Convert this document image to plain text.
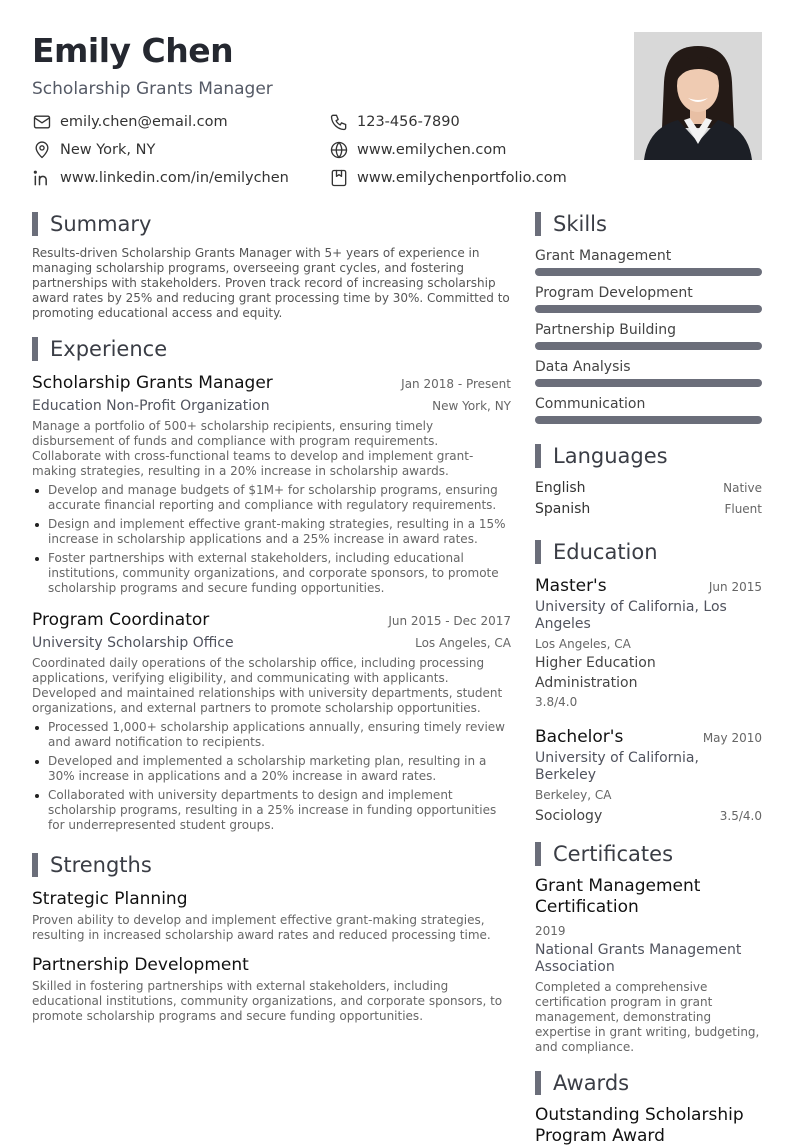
Emily Chen
Scholarship Grants Manager
emily.chen@email.com	123-456-7890
New York, NY	www.emilychen.com
www.linkedin.com/in/emilychen	www.emilychenportfolio.com
Summary
Results-driven Scholarship Grants Manager with 5+ years of experience in managing scholarship programs, overseeing grant cycles, and fostering partnerships with stakeholders. Proven track record of increasing scholarship award rates by 25% and reducing grant processing time by 30%. Committed to promoting educational access and equity.
Experience
Scholarship Grants Manager	Jan 2018 - Present
Education Non-Profit Organization	New York, NY
Manage a portfolio of 500+ scholarship recipients, ensuring timely disbursement of funds and compliance with program requirements. Collaborate with cross-functional teams to develop and implement grant-making strategies, resulting in a 20% increase in scholarship awards.
Develop and manage budgets of $1M+ for scholarship programs, ensuring accurate financial reporting and compliance with regulatory requirements.
Design and implement effective grant-making strategies, resulting in a 15% increase in scholarship applications and a 25% increase in award rates.
Foster partnerships with external stakeholders, including educational institutions, community organizations, and corporate sponsors, to promote scholarship programs and secure funding opportunities.
Program Coordinator	Jun 2015 - Dec 2017
University Scholarship Office	Los Angeles, CA
Coordinated daily operations of the scholarship office, including processing applications, verifying eligibility, and communicating with applicants. Developed and maintained relationships with university departments, student organizations, and external partners to promote scholarship opportunities.
Processed 1,000+ scholarship applications annually, ensuring timely review and award notification to recipients.
Developed and implemented a scholarship marketing plan, resulting in a 30% increase in applications and a 20% increase in award rates.
Collaborated with university departments to design and implement scholarship programs, resulting in a 25% increase in funding opportunities for underrepresented student groups.
Strengths
Strategic Planning
Proven ability to develop and implement effective grant-making strategies, resulting in increased scholarship award rates and reduced processing time.
Partnership Development
Skilled in fostering partnerships with external stakeholders, including educational institutions, community organizations, and corporate sponsors, to promote scholarship programs and secure funding opportunities.
Skills
Grant Management
Program Development
Partnership Building
Data Analysis
Communication
Languages
English	Native
Spanish	Fluent
Education
Master's	Jun 2015
University of California, Los Angeles
Los Angeles, CA
Higher Education Administration
3.8/4.0
Bachelor's	May 2010
University of California, Berkeley
Berkeley, CA
Sociology	3.5/4.0
Certificates
Grant Management Certification
2019
National Grants Management Association
Completed a comprehensive certification program in grant management, demonstrating expertise in grant writing, budgeting, and compliance.
Awards
Outstanding Scholarship Program Award
